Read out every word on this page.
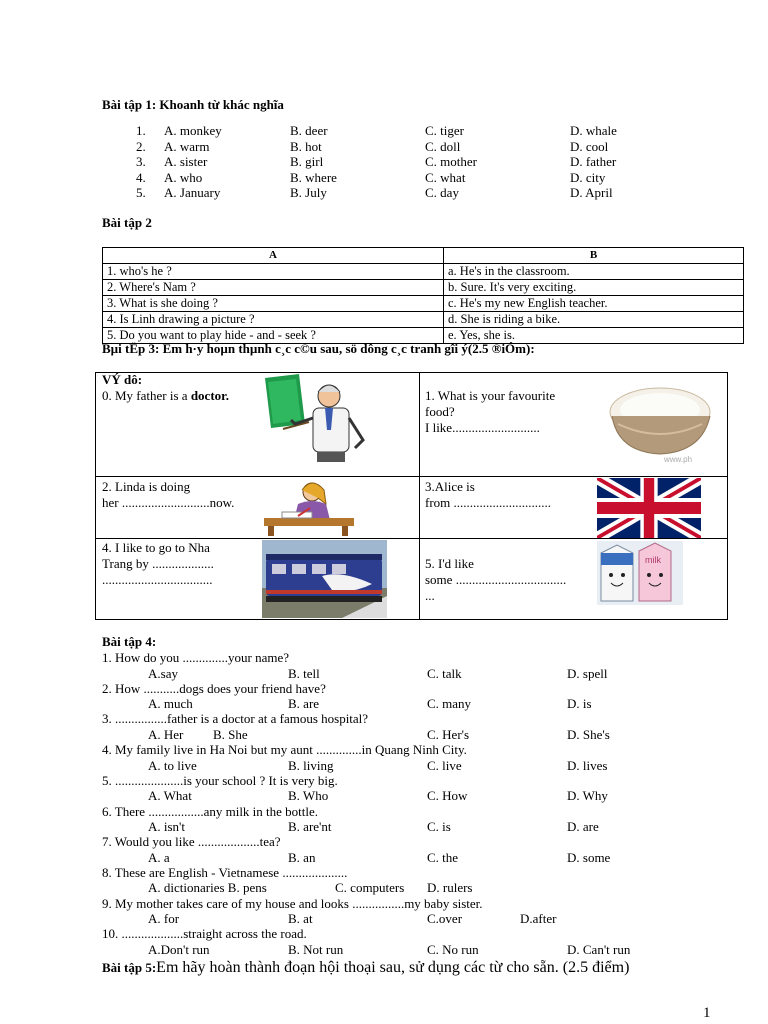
Bài tập 1: Khoanh từ khác nghĩa
1. A. monkey	B. deer	C. tiger	D. whale
2. A. warm	B. hot	C. doll	D. cool
3. A. sister	B. girl	C. mother	D. father
4. A. who	B. where	C. what	D. city
5. A. January	B. July	C. day	D. April
Bài tập 2
A	B
1. who's he ?	a. He's in the classroom.
2. Where's Nam ?	b. Sure. It's very exciting.
3. What is she doing ?	c. He's my new English teacher.
4. Is Linh drawing a picture ?	d. She is riding a bike.
5. Do you want to play hide - and - seek ?	e. Yes, she is.
Bµi tËp 3: Em h·y hoµn thµnh c¸c c©u sau, sö dông c¸c tranh gîi ý(2.5 ®iÓm):
VÝ dô:
0. My father is a doctor.	1. What is your favourite
food?
I like...........................
www.ph
2. Linda is doing
her ...........................now.
3.Alice is
from ..............................
4. I like to go to Nha
Trang by ...................
..................................
5. I'd like
some ..................................
...
milk
Bài tập 4:
1. How do you ..............your name?
A.say	B. tell	C. talk	D. spell
2. How ...........dogs does your friend have?
A. much	B. are	C. many	D. is
3. ................father is a doctor at a famous hospital?
A. Her B. She	C. Her's	D. She's
4. My family live in Ha Noi but my aunt ..............in Quang Ninh City.
A. to live	B. living	C. live	D. lives
5. .....................is your school ? It is very big.
A. What	B. Who	C. How	D. Why
6. There .................any milk in the bottle.
A. isn't	B. are'nt	C. is	D. are
7. Would you like ...................tea?
A. a	B. an	C. the	D. some
8. These are English - Vietnamese ....................
A. dictionaries B. pens	C. computers D. rulers
9. My mother takes care of my house and looks ................my baby sister.
A. for	B. at	C.over	D.after
10. ...................straight across the road.
A.Don't run	B. Not run	C. No run	D. Can't run
Bài tập 5:Em hãy hoàn thành đoạn hội thoại sau, sử dụng các từ cho sẵn. (2.5 điểm)
1
